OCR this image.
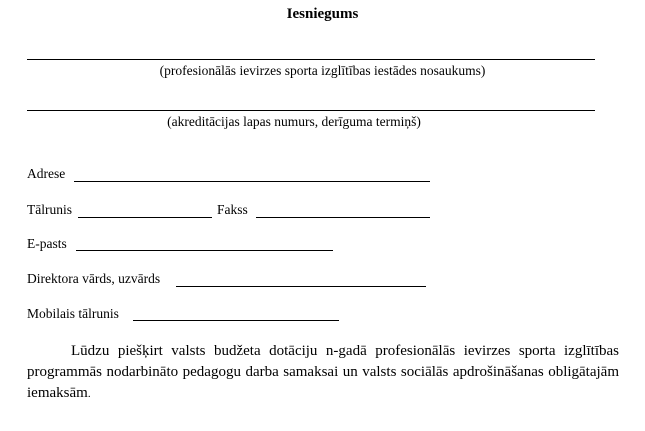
Iesniegums
(profesionālās ievirzes sporta izglītības iestādes nosaukums)
(akreditācijas lapas numurs, derīguma termiņš)
Adrese
Tālrunis	Fakss
E-pasts
Direktora vārds, uzvārds
Mobilais tālrunis
Lūdzu piešķirt valsts budžeta dotāciju n-gadā profesionālās ievirzes sporta izglītības programmās nodarbināto pedagogu darba samaksai un valsts sociālās apdrošināšanas obligātajām iemaksām.
